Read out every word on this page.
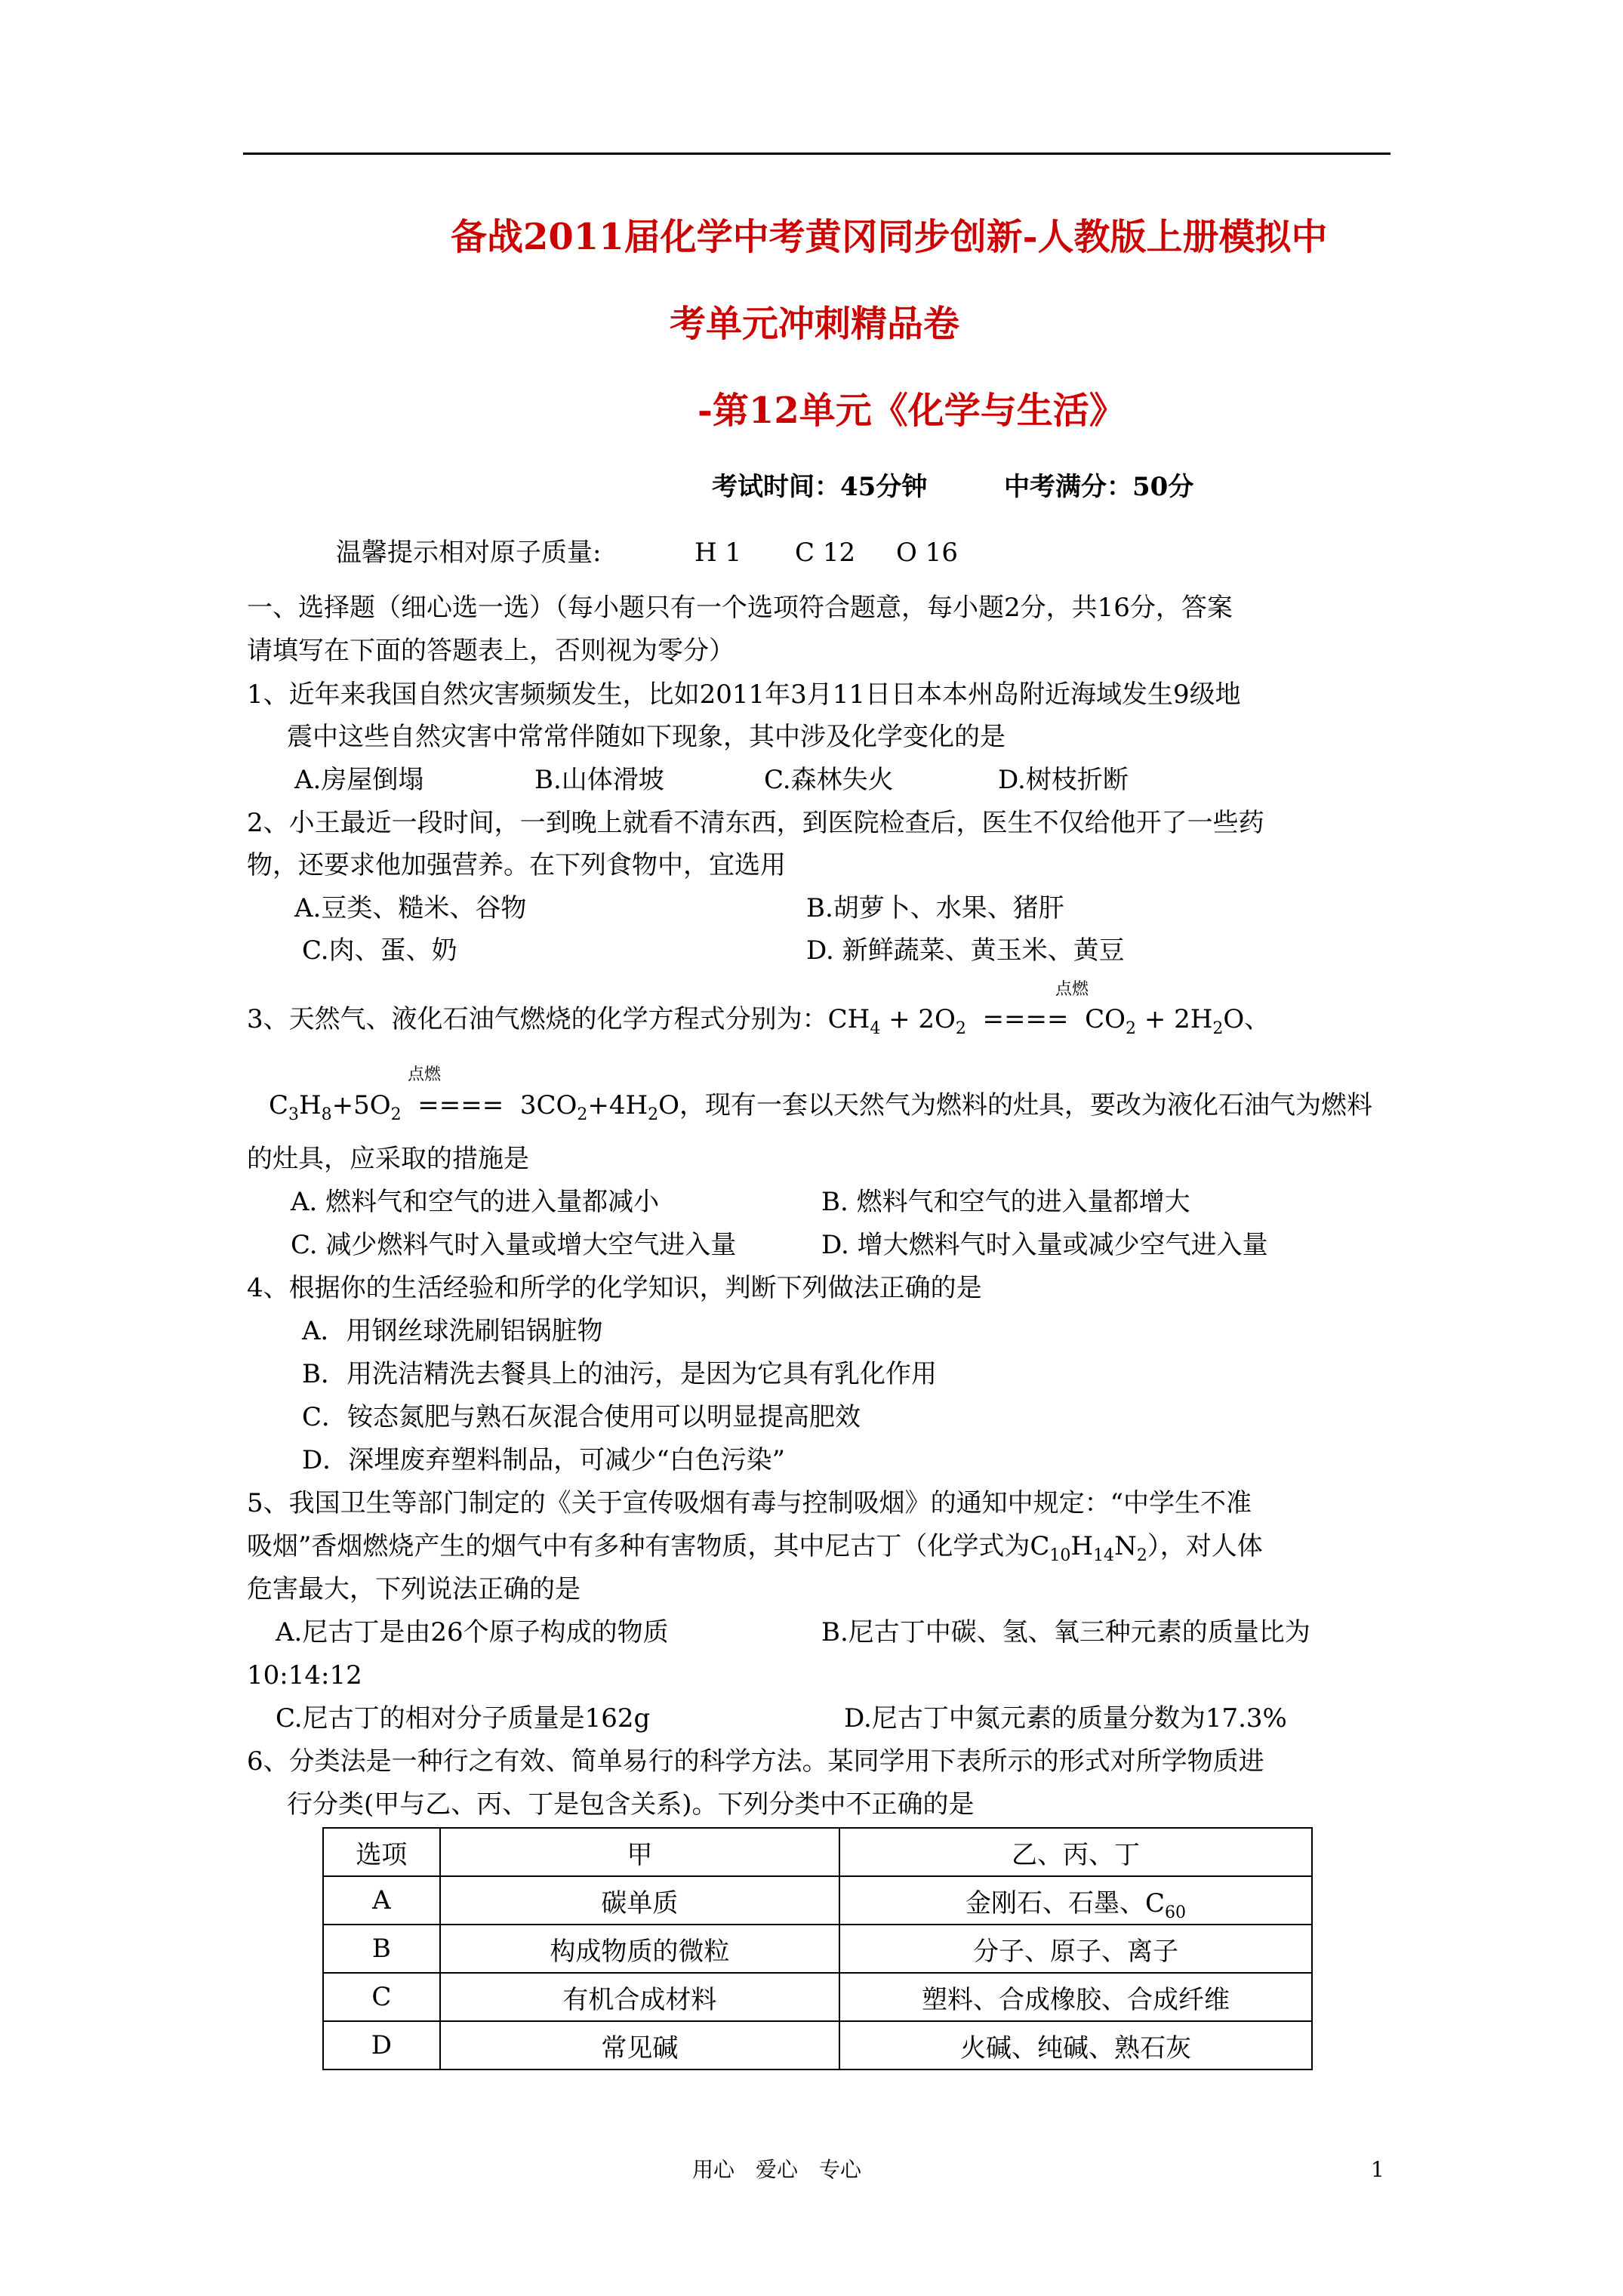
备战2011届化学中考黄冈同步创新-人教版上册模拟中
考单元冲刺精品卷
-第12单元《化学与生活》
考试时间：45分钟	中考满分：50分
温馨提示相对原子质量:	H 1 C 12 O 16
一、选择题（细心选一选）（每小题只有一个选项符合题意，每小题2分，共16分，答案
请填写在下面的答题表上，否则视为零分）
1、近年来我国自然灾害频频发生，比如2011年3月11日日本本州岛附近海域发生9级地
震中这些自然灾害中常常伴随如下现象，其中涉及化学变化的是
A.房屋倒塌	B.山体滑坡	C.森林失火	D.树枝折断
2、小王最近一段时间，一到晚上就看不清东西，到医院检查后，医生不仅给他开了一些药
物，还要求他加强营养。在下列食物中，宜选用
A.豆类、糙米、谷物	B.胡萝卜、水果、猪肝
C.肉、蛋、奶	D. 新鲜蔬菜、黄玉米、黄豆
点燃
3、天然气、液化石油气燃烧的化学方程式分别为：$CH_4 + 2O_2$ ====  $CO_2 + 2H_2O$、
点燃
$C_3H_8+5O_2$ ====  $3CO_2+4H_2O$，现有一套以天然气为燃料的灶具，要改为液化石油气为燃料
的灶具，应采取的措施是
A. 燃料气和空气的进入量都减小	B. 燃料气和空气的进入量都增大
C. 减少燃料气时入量或增大空气进入量	D. 增大燃料气时入量或减少空气进入量
4、根据你的生活经验和所学的化学知识，判断下列做法正确的是
A．用钢丝球洗刷铝锅脏物
B．用洗洁精洗去餐具上的油污，是因为它具有乳化作用
C．铵态氮肥与熟石灰混合使用可以明显提高肥效
D．深埋废弃塑料制品，可减少“白色污染”
5、我国卫生等部门制定的《关于宣传吸烟有毒与控制吸烟》的通知中规定：“中学生不准
吸烟”香烟燃烧产生的烟气中有多种有害物质，其中尼古丁（化学式为$C_{10}H_{14}N_2$），对人体
危害最大，下列说法正确的是
A.尼古丁是由26个原子构成的物质	B.尼古丁中碳、氢、氧三种元素的质量比为
10:14:12
C.尼古丁的相对分子质量是162g	D.尼古丁中氮元素的质量分数为17.3%
6、分类法是一种行之有效、简单易行的科学方法。某同学用下表所示的形式对所学物质进
行分类(甲与乙、丙、丁是包含关系)。下列分类中不正确的是
选项	甲	乙、丙、丁
A	碳单质	金刚石、石墨、$C_{60}$
B	构成物质的微粒	分子、原子、离子
C	有机合成材料	塑料、合成橡胶、合成纤维
D	常见碱	火碱、纯碱、熟石灰
用心　爱心　专心	1
